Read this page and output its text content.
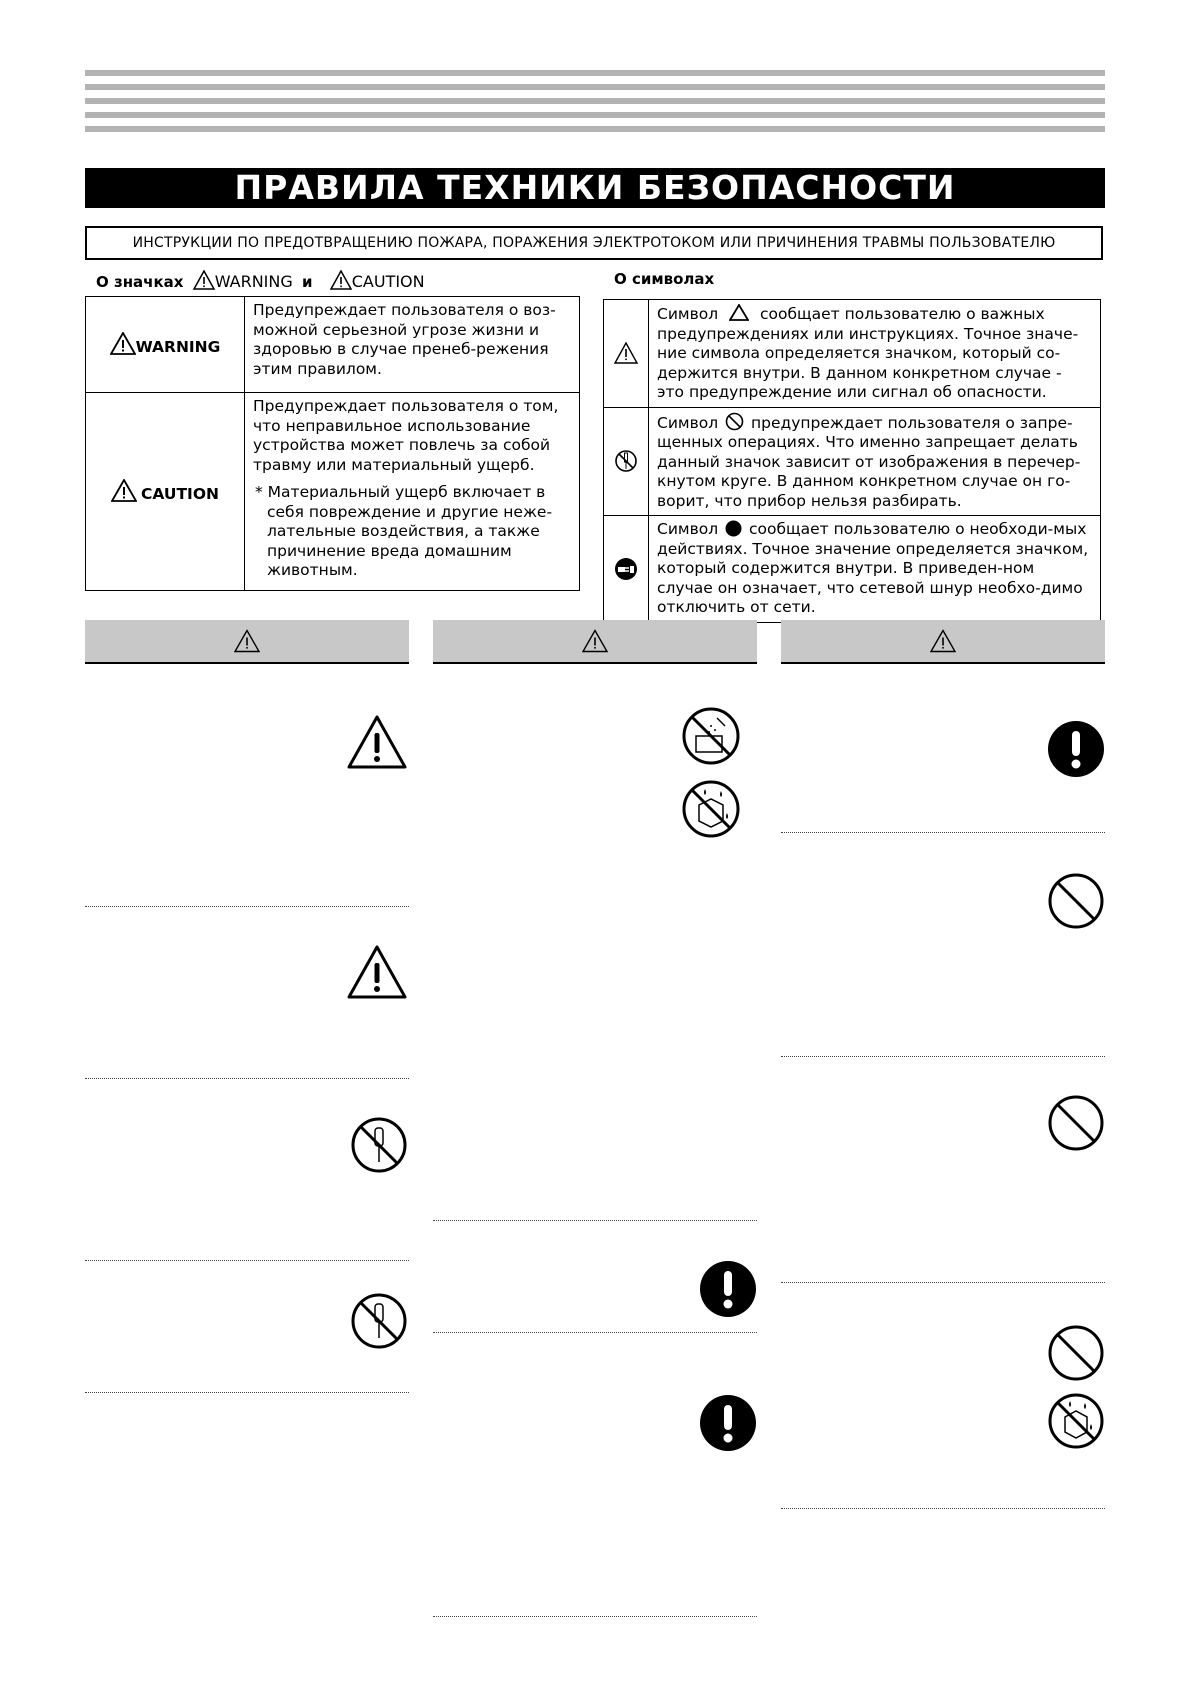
ПРАВИЛА ТЕХНИКИ БЕЗОПАСНОСТИ
ИНСТРУКЦИИ ПО ПРЕДОТВРАЩЕНИЮ ПОЖАРА, ПОРАЖЕНИЯ ЭЛЕКТРОТОКОМ ИЛИ ПРИЧИНЕНИЯ ТРАВМЫ ПОЛЬЗОВАТЕЛЮ
О значках WARNING и CAUTION	О символах
WARNING	Предупреждает пользователя о воз-можной серьезной угрозе жизни и здоровью в случае пренеб-режения этим правилом.
CAUTION	Предупреждает пользователя о том, что неправильное использование устройства может повлечь за собой травму или материальный ущерб.
* Материальный ущерб включает в себя повреждение и другие неже-лательные воздействия, а также причинение вреда домашним животным.
	Символ сообщает пользователю о важных предупреждениях или инструкциях. Точное значе-ние символа определяется значком, который со-держится внутри. В данном конкретном случае - это предупреждение или сигнал об опасности.

	Символ предупреждает пользователя о запре-щенных операциях. Что именно запрещает делать данный значок зависит от изображения в перечер-кнутом круге. В данном конкретном случае он го-ворит, что прибор нельзя разбирать.

	Символ сообщает пользователю о необходи-мых действиях. Точное значение определяется значком, который содержится внутри. В приведен-ном случае он означает, что сетевой шнур необхо-димо отключить от сети.
